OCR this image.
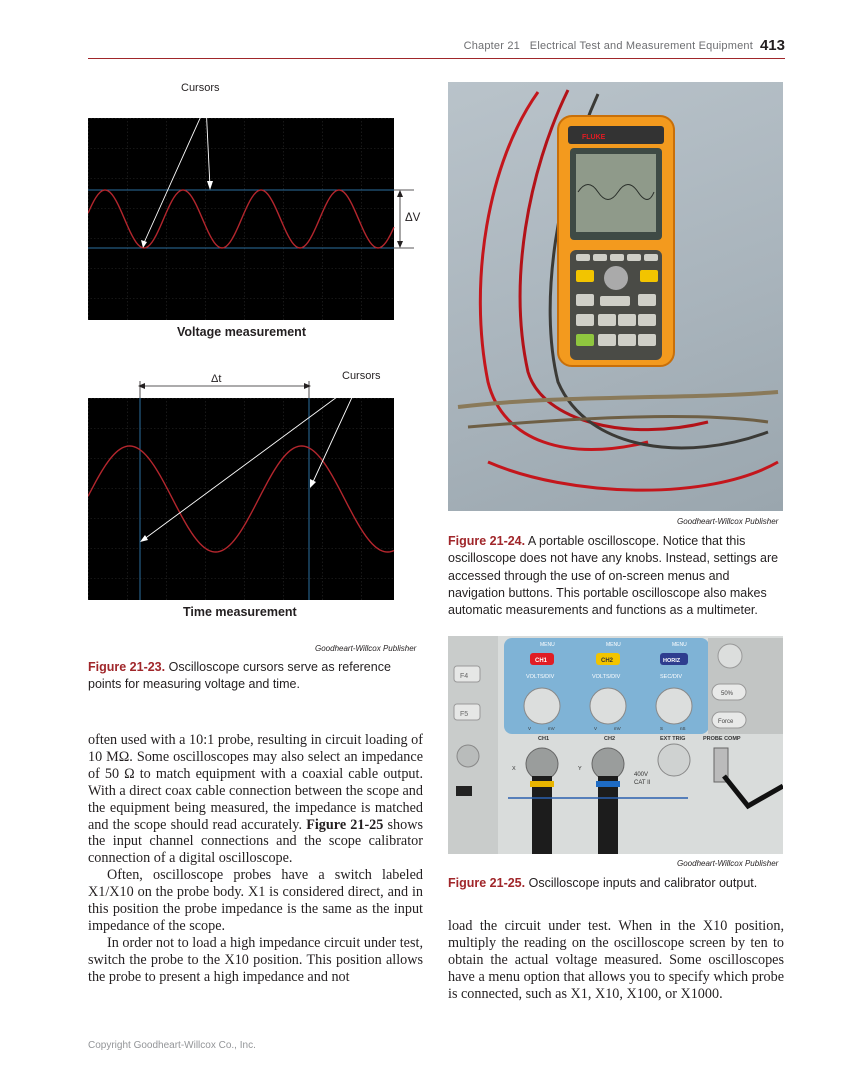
Chapter 21 Electrical Test and Measurement Equipment 413
Cursors
ΔV
Voltage measurement
Δt	Cursors
Time measurement
Goodheart-Willcox Publisher
Figure 21-23. Oscilloscope cursors serve as reference points for measuring voltage and time.
FLUKE
Goodheart-Willcox Publisher
Figure 21-24. A portable oscilloscope. Notice that this oscilloscope does not have any knobs. Instead, settings are accessed through the use of on-screen menus and navigation buttons. This portable oscilloscope also makes automatic measurements and functions as a multimeter.
F4
F5
MENU	MENU	MENU
CH1	CH2	HORIZ
VOLTS/DIV	VOLTS/DIV	SEC/DIV
V	mV	V	mV	S	nS
50%
Force
CH1	CH2	EXT TRIG	PROBE COMP
X	Y
400V
CAT II
Goodheart-Willcox Publisher
Figure 21-25. Oscilloscope inputs and calibrator output.

often used with a 10:1 probe, resulting in circuit loading of 10 MΩ. Some oscilloscopes may also select an impedance of 50 Ω to match equipment with a coaxial cable output. With a direct coax cable connection between the scope and the equipment being measured, the impedance is matched and the scope should read accurately. Figure 21-25 shows the input channel connections and the scope calibrator connection of a digital oscilloscope.

Often, oscilloscope probes have a switch labeled X1/X10 on the probe body. X1 is considered direct, and in this position the probe impedance is the same as the input impedance of the scope.

In order not to load a high impedance circuit under test, switch the probe to the X10 position. This position allows the probe to present a high impedance and not

load the circuit under test. When in the X10 position, multiply the reading on the oscilloscope screen by ten to obtain the actual voltage measured. Some oscilloscopes have a menu option that allows you to specify which probe is connected, such as X1, X10, X100, or X1000.

Copyright Goodheart-Willcox Co., Inc.
